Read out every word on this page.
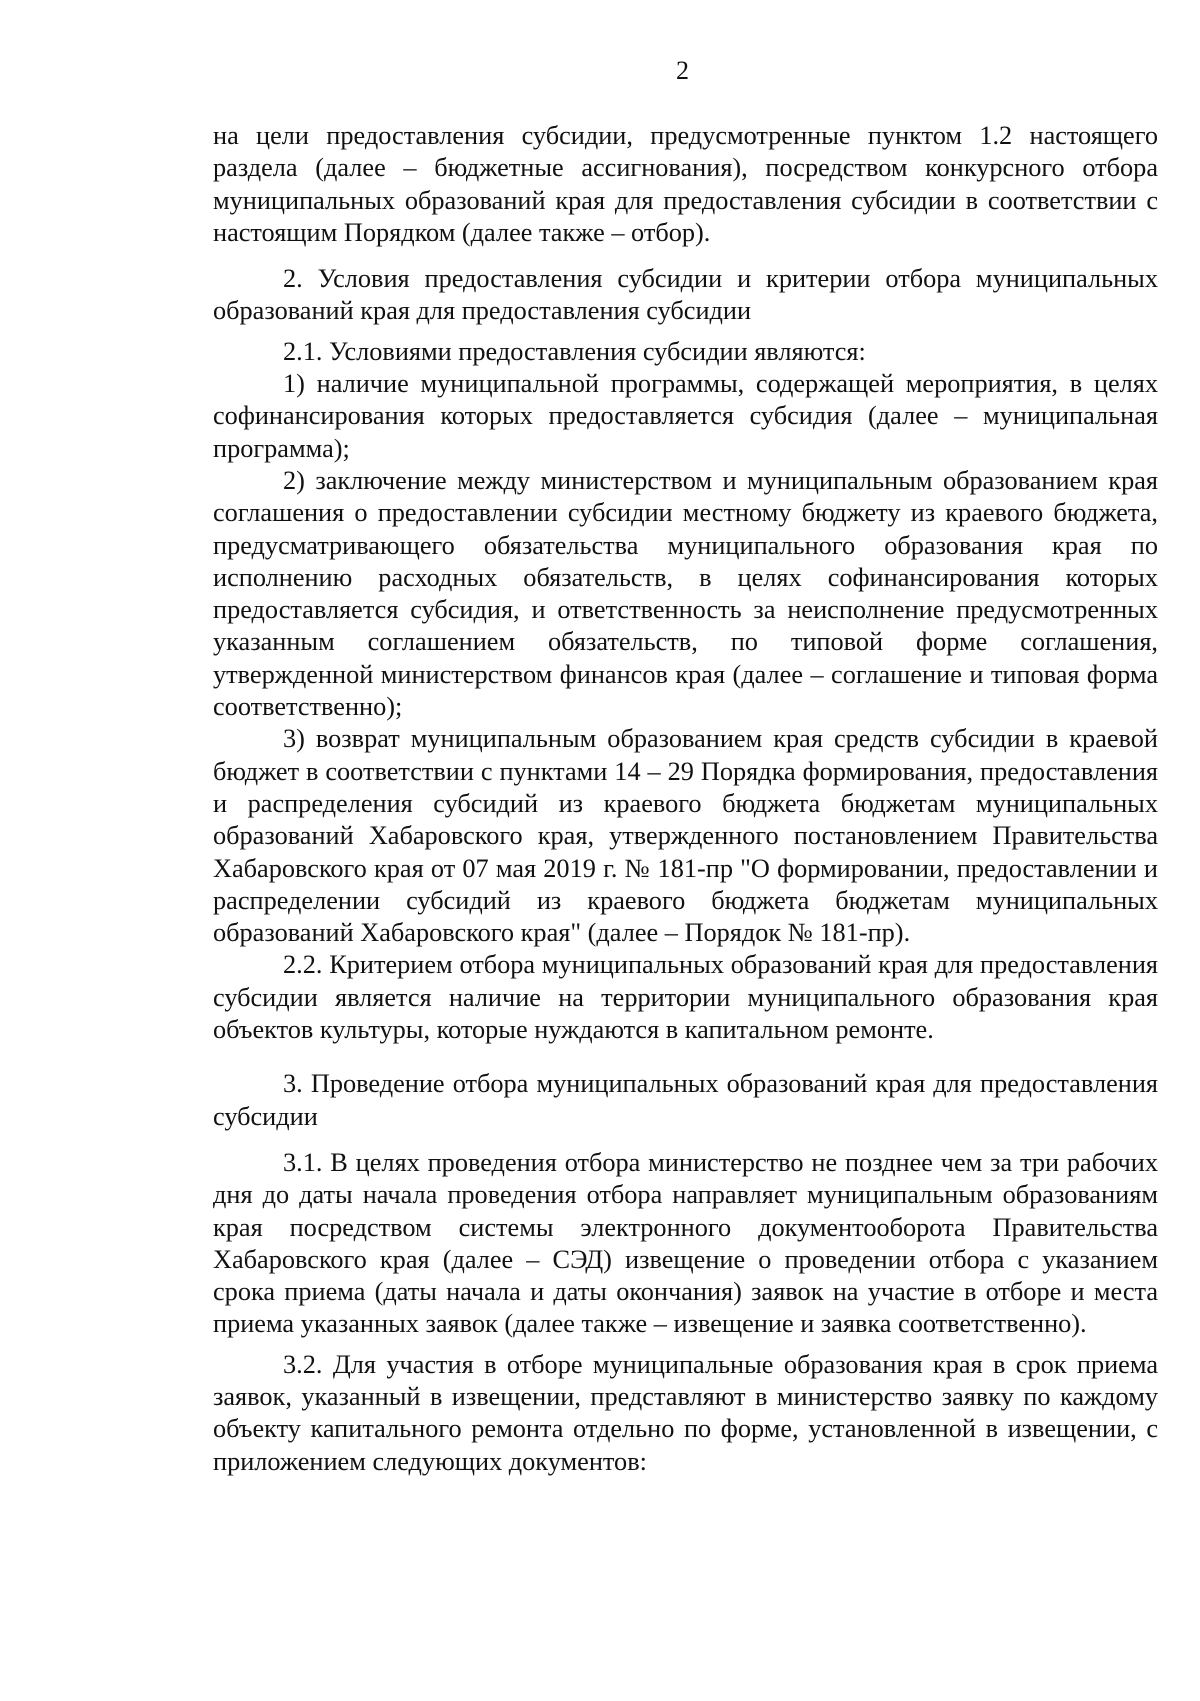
2

на цели предоставления субсидии, предусмотренные пунктом 1.2 настоящего раздела (далее – бюджетные ассигнования), посредством конкурсного отбора муниципальных образований края для предоставления субсидии в соответствии с настоящим Порядком (далее также – отбор).

2. Условия предоставления субсидии и критерии отбора муниципальных образований края для предоставления субсидии

2.1. Условиями предоставления субсидии являются:

1) наличие муниципальной программы, содержащей мероприятия, в целях софинансирования которых предоставляется субсидия (далее – муниципальная программа);

2) заключение между министерством и муниципальным образованием края соглашения о предоставлении субсидии местному бюджету из краевого бюджета, предусматривающего обязательства муниципального образования края по исполнению расходных обязательств, в целях софинансирования которых предоставляется субсидия, и ответственность за неисполнение предусмотренных указанным соглашением обязательств, по типовой форме соглашения, утвержденной министерством финансов края (далее – соглашение и типовая форма соответственно);

3) возврат муниципальным образованием края средств субсидии в краевой бюджет в соответствии с пунктами 14 – 29 Порядка формирования, предоставления и распределения субсидий из краевого бюджета бюджетам муниципальных образований Хабаровского края, утвержденного постановлением Правительства Хабаровского края от 07 мая 2019 г. № 181-пр "О формировании, предоставлении и распределении субсидий из краевого бюджета бюджетам муниципальных образований Хабаровского края" (далее – Порядок № 181-пр).

2.2. Критерием отбора муниципальных образований края для предоставления субсидии является наличие на территории муниципального образования края объектов культуры, которые нуждаются в капитальном ремонте.

3. Проведение отбора муниципальных образований края для предоставления субсидии

3.1. В целях проведения отбора министерство не позднее чем за три рабочих дня до даты начала проведения отбора направляет муниципальным образованиям края посредством системы электронного документооборота Правительства Хабаровского края (далее – СЭД) извещение о проведении отбора с указанием срока приема (даты начала и даты окончания) заявок на участие в отборе и места приема указанных заявок (далее также – извещение и заявка соответственно).

3.2. Для участия в отборе муниципальные образования края в срок приема заявок, указанный в извещении, представляют в министерство заявку по каждому объекту капитального ремонта отдельно по форме, установленной в извещении, с приложением следующих документов:
